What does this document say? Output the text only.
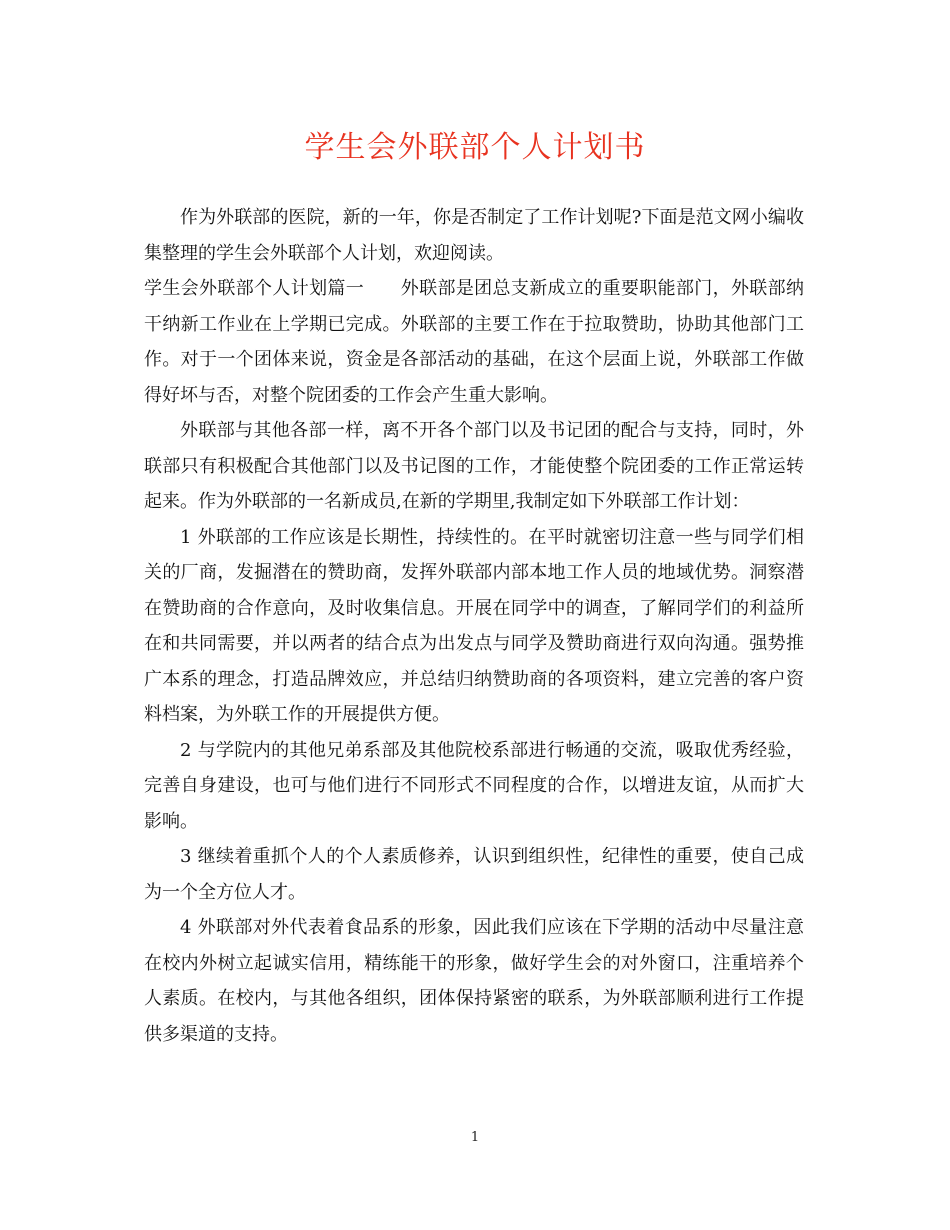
学生会外联部个人计划书

作为外联部的医院，新的一年，你是否制定了工作计划呢?下面是范文网小编收集整理的学生会外联部个人计划，欢迎阅读。

学生会外联部个人计划篇一　　外联部是团总支新成立的重要职能部门，外联部纳干纳新工作业在上学期已完成。外联部的主要工作在于拉取赞助，协助其他部门工作。对于一个团体来说，资金是各部活动的基础，在这个层面上说，外联部工作做得好坏与否，对整个院团委的工作会产生重大影响。

外联部与其他各部一样，离不开各个部门以及书记团的配合与支持，同时，外联部只有积极配合其他部门以及书记图的工作，才能使整个院团委的工作正常运转起来。作为外联部的一名新成员,在新的学期里,我制定如下外联部工作计划：

1 外联部的工作应该是长期性，持续性的。在平时就密切注意一些与同学们相关的厂商，发掘潜在的赞助商，发挥外联部内部本地工作人员的地域优势。洞察潜在赞助商的合作意向，及时收集信息。开展在同学中的调查，了解同学们的利益所在和共同需要，并以两者的结合点为出发点与同学及赞助商进行双向沟通。强势推广本系的理念，打造品牌效应，并总结归纳赞助商的各项资料，建立完善的客户资料档案，为外联工作的开展提供方便。

2 与学院内的其他兄弟系部及其他院校系部进行畅通的交流，吸取优秀经验，完善自身建设，也可与他们进行不同形式不同程度的合作，以增进友谊，从而扩大影响。

3 继续着重抓个人的个人素质修养，认识到组织性，纪律性的重要，使自己成为一个全方位人才。

4 外联部对外代表着食品系的形象，因此我们应该在下学期的活动中尽量注意在校内外树立起诚实信用，精练能干的形象，做好学生会的对外窗口，注重培养个人素质。在校内，与其他各组织，团体保持紧密的联系，为外联部顺利进行工作提供多渠道的支持。

1
